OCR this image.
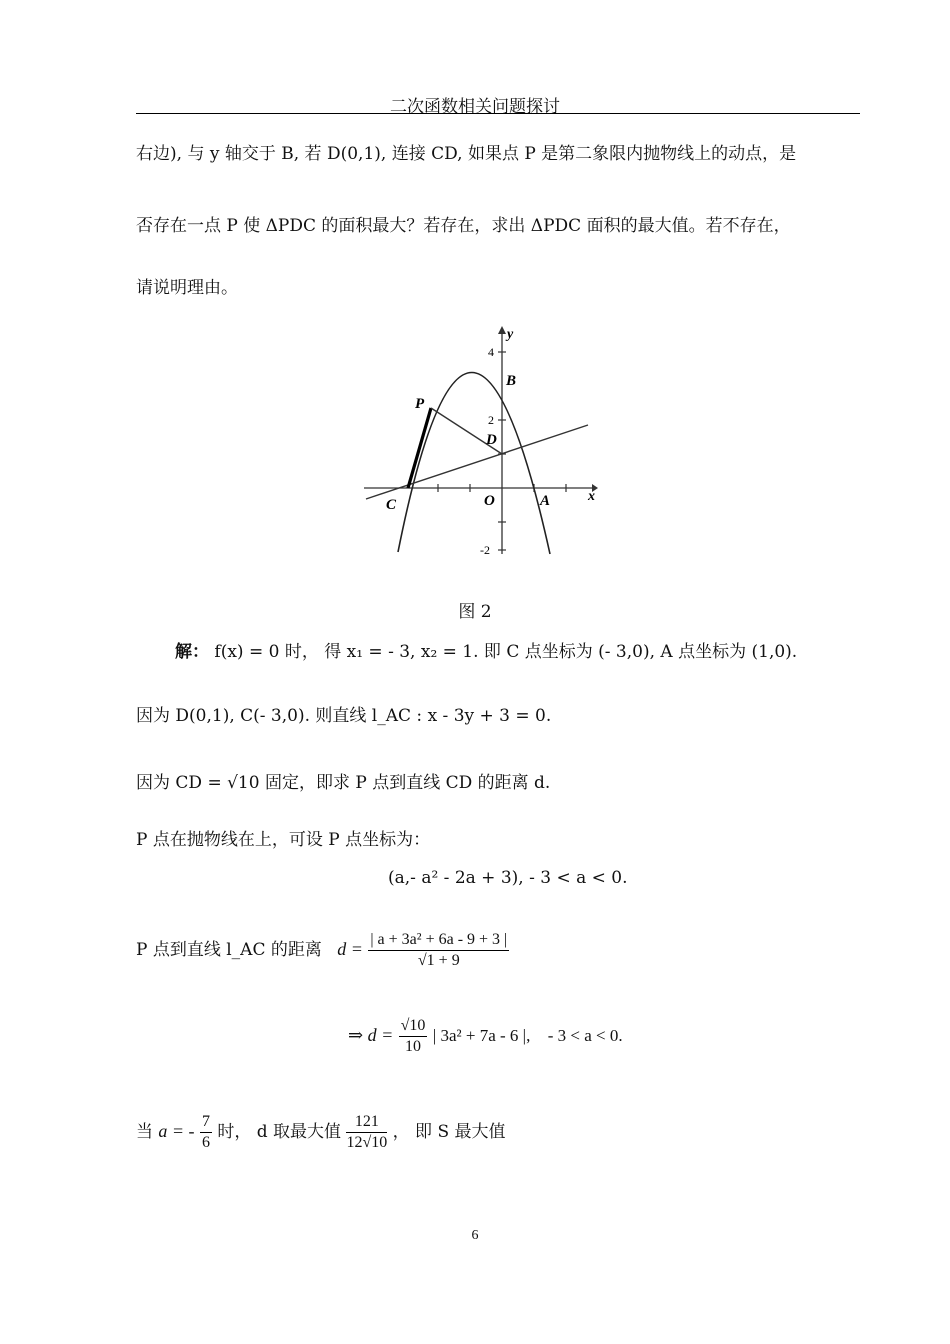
二次函数相关问题探讨
右边), 与 y 轴交于 B, 若 D(0,1), 连接 CD, 如果点 P 是第二象限内抛物线上的动点，是
否存在一点 P 使 ΔPDC 的面积最大？若存在，求出 ΔPDC 面积的最大值。若不存在，
请说明理由。
y
x
O	A
B
C
D
P
4
2
-2
图 2
解： f(x) = 0 时， 得 x₁ = - 3, x₂ = 1. 即 C 点坐标为 (- 3,0), A 点坐标为 (1,0).
因为 D(0,1), C(- 3,0). 则直线 l_AC : x - 3y + 3 = 0.
因为 CD = √10 固定，即求 P 点到直线 CD 的距离 d.
P 点在抛物线在上，可设 P 点坐标为：
(a,- a² - 2a + 3), - 3 < a < 0.
P 点到直线 l_AC 的距离 $d = \frac{\text{| a + 3a² + 6a - 9 + 3 |}}{√1 + 9}$
⇒ $d = \frac{√10}{10}$ | 3a² + 7a - 6 |, - 3 < a < 0.
当 a = - $\frac{7}{6}$ 时， d 取最大值 $\frac{121}{12√10}$ ， 即 S 最大值
6
